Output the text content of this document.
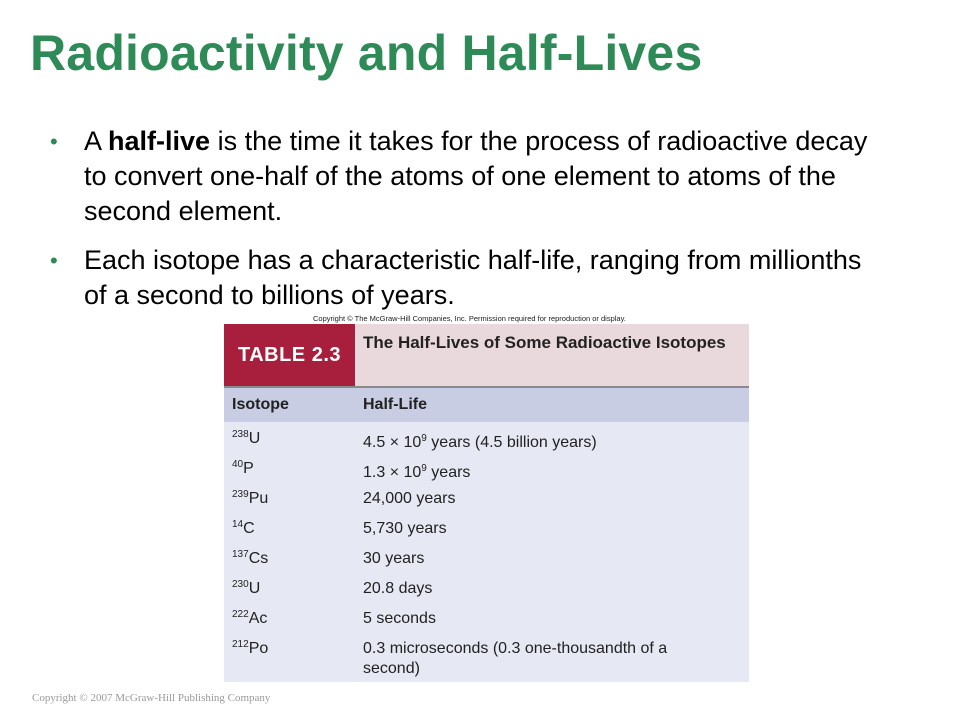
Radioactivity and Half-Lives
• A half-live is the time it takes for the process of radioactive decay to convert one-half of the atoms of one element to atoms of the second element.
• Each isotope has a characteristic half-life, ranging from millionths of a second to billions of years.
Copyright © The McGraw-Hill Companies, Inc. Permission required for reproduction or display.
TABLE 2.3
The Half-Lives of Some Radioactive Isotopes
Isotope	Half-Life
$^{238}$U	$4.5 \times 10^9$ years (4.5 billion years)
$^{40}$P	$1.3 \times 10^9$ years
$^{239}$Pu	24,000 years
$^{14}$C	5,730 years
$^{137}$Cs	30 years
$^{230}$U	20.8 days
$^{222}$Ac	5 seconds
$^{212}$Po	0.3 microseconds (0.3 one-thousandth of a second)
Copyright © 2007 McGraw-Hill Publishing Company
